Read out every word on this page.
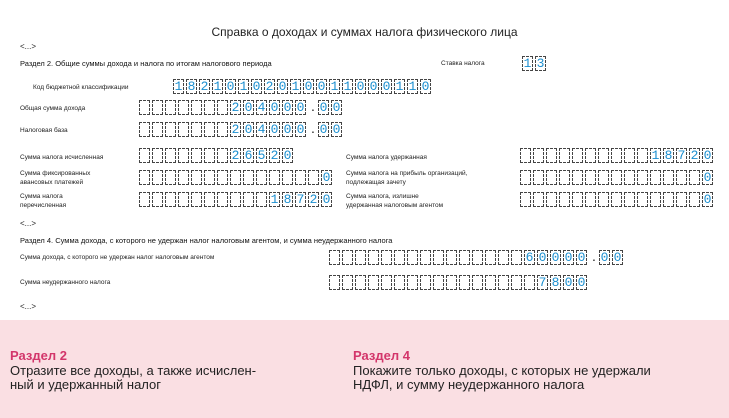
Справка о доходах и суммах налога физического лица
<...>
Раздел 2. Общие суммы дохода и налога по итогам налогового периода	Ставка налога	1 3
Код бюджетной классификации	1 8 2 1 0 1 0 2 0 1 0 0 1 1 0 0 0 1 1 0
Общая сумма дохода	2 0 4 0 0 0 . 0 0
Налоговая база	2 0 4 0 0 0 . 0 0
Сумма налога исчисленная	2 6 5 2 0	Сумма налога удержанная	1 8 7 2 0
Сумма фиксированных
авансовых платежей	0 Сумма налога на прибыль организаций,
подлежащая зачету	0
Сумма налога
перечисленная	1 8 7 2 0 Сумма налога, излишне
удержанная налоговым агентом	0
<...>
Раздел 4. Сумма дохода, с которого не удержан налог налоговым агентом, и сумма неудержанного налога
Сумма дохода, с которого не удержан налог налоговым агентом	6 0 0 0 0 . 0 0
Сумма неудержанного налога	7 8 0 0
<...>
Раздел 2
Отразите все доходы, а также исчислен-
ный и удержанный налог
Раздел 4
Покажите только доходы, с которых не удержали
НДФЛ, и сумму неудержанного налога
